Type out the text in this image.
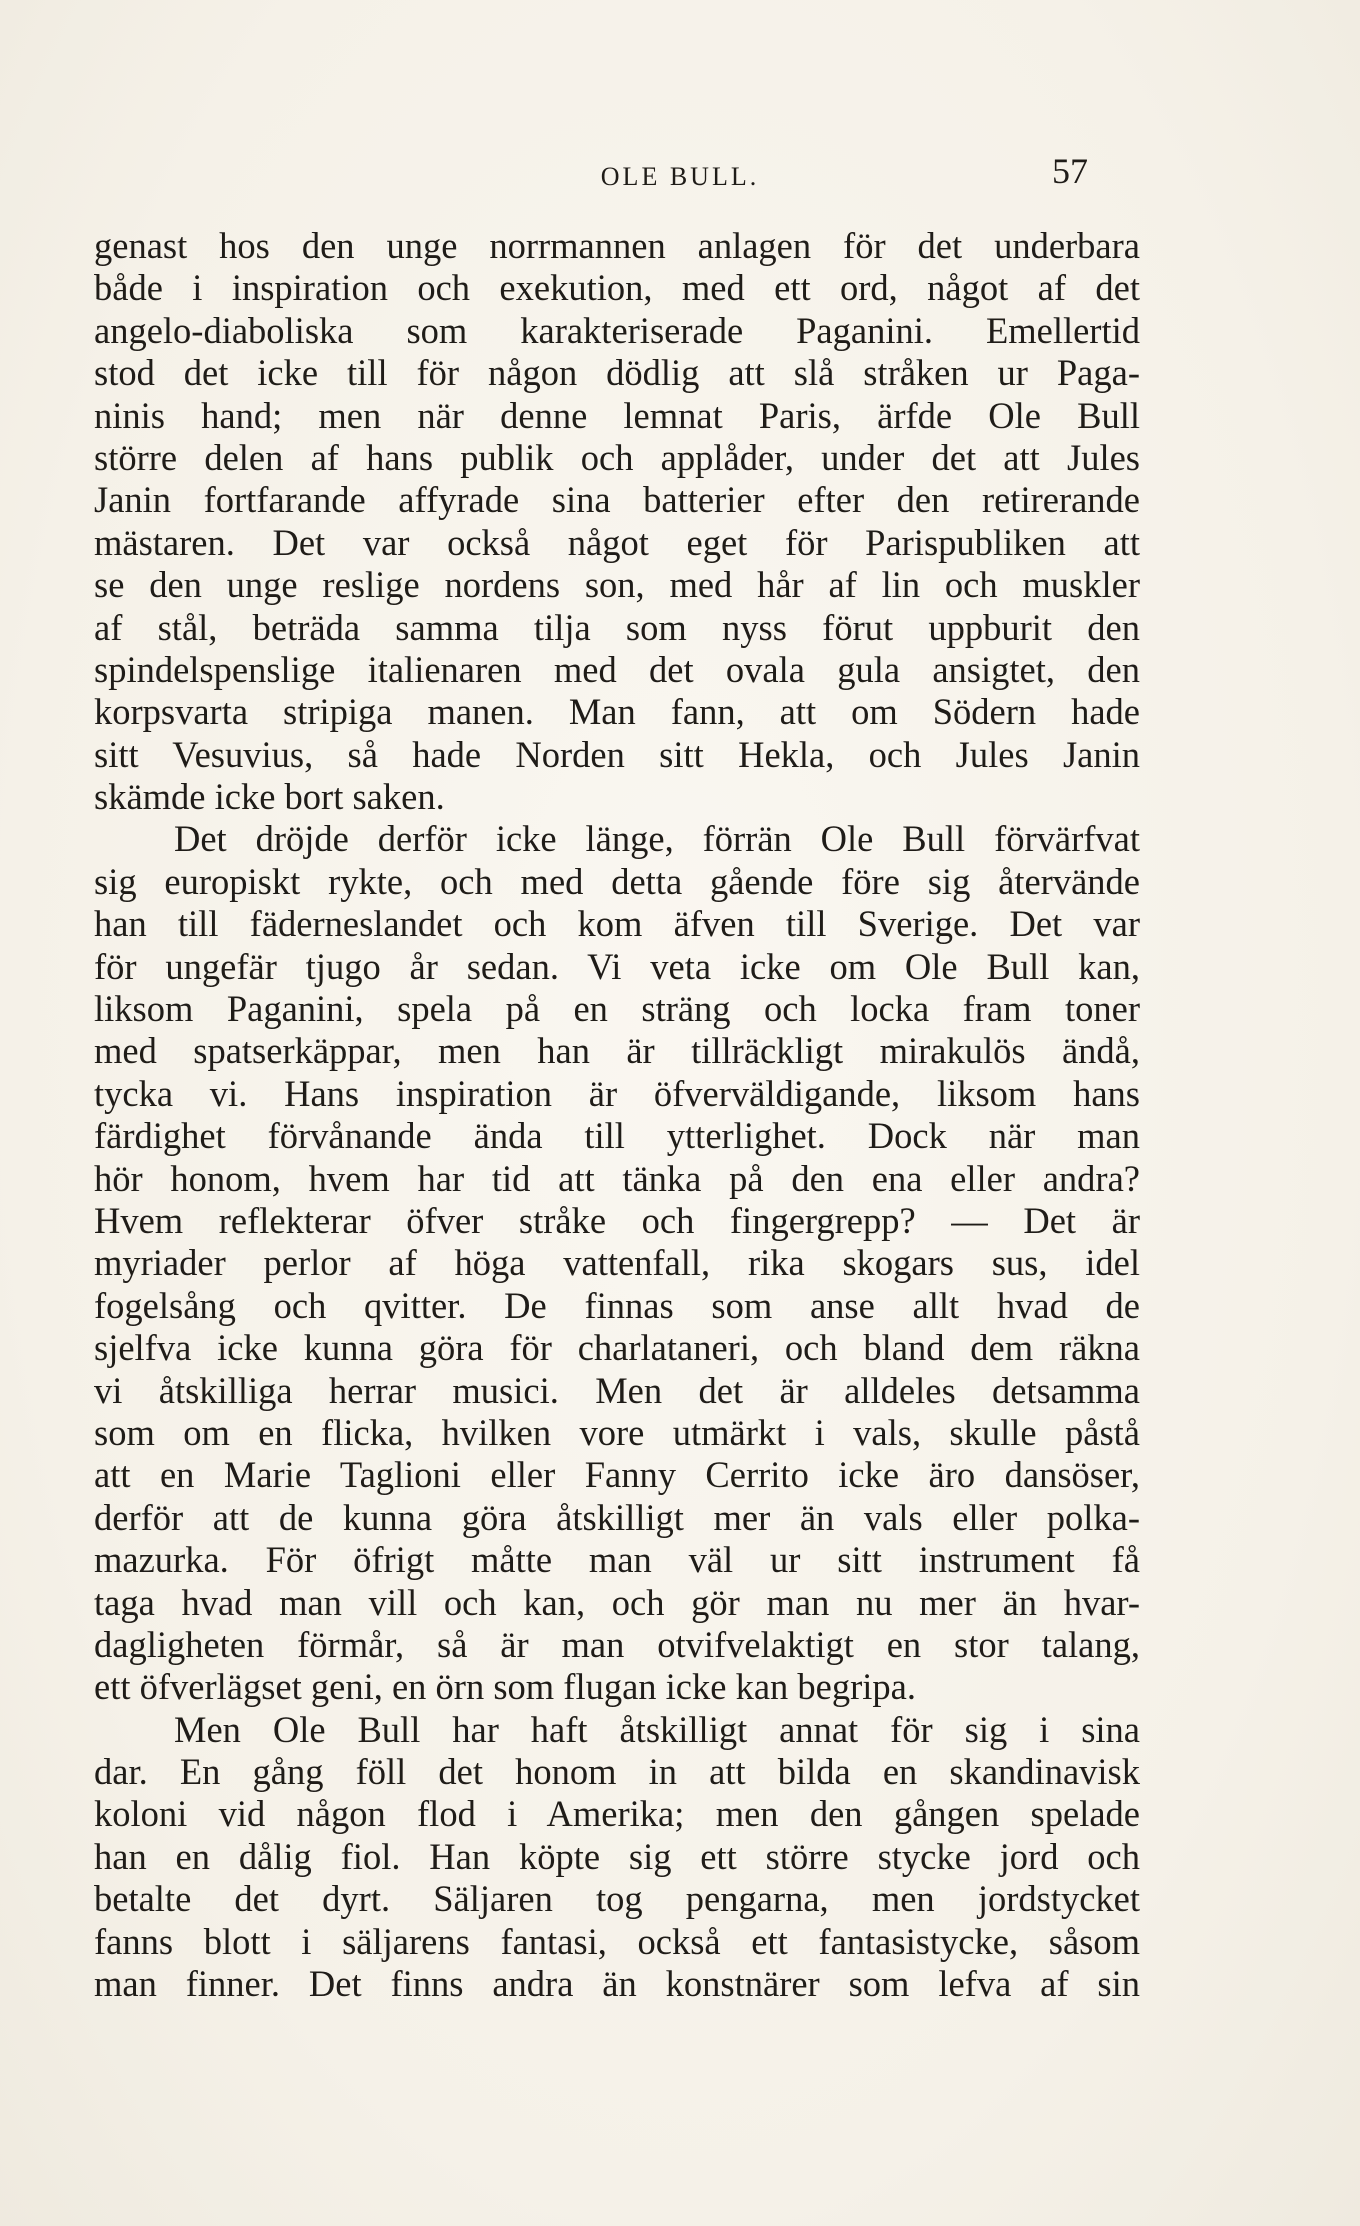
OLE BULL.	57
genast hos den unge norrmannen anlagen för det underbara
både i inspiration och exekution, med ett ord, något af det
angelo-diaboliska som karakteriserade Paganini. Emellertid
stod det icke till för någon dödlig att slå stråken ur Paga-
ninis hand; men när denne lemnat Paris, ärfde Ole Bull
större delen af hans publik och applåder, under det att Jules
Janin fortfarande affyrade sina batterier efter den retirerande
mästaren. Det var också något eget för Parispubliken att
se den unge reslige nordens son, med hår af lin och muskler
af stål, beträda samma tilja som nyss förut uppburit den
spindelspenslige italienaren med det ovala gula ansigtet, den
korpsvarta stripiga manen. Man fann, att om Södern hade
sitt Vesuvius, så hade Norden sitt Hekla, och Jules Janin
skämde icke bort saken.
Det dröjde derför icke länge, förrän Ole Bull förvärfvat
sig europiskt rykte, och med detta gående före sig återvände
han till fäderneslandet och kom äfven till Sverige. Det var
för ungefär tjugo år sedan. Vi veta icke om Ole Bull kan,
liksom Paganini, spela på en sträng och locka fram toner
med spatserkäppar, men han är tillräckligt mirakulös ändå,
tycka vi. Hans inspiration är öfverväldigande, liksom hans
färdighet förvånande ända till ytterlighet. Dock när man
hör honom, hvem har tid att tänka på den ena eller andra?
Hvem reflekterar öfver stråke och fingergrepp? — Det är
myriader perlor af höga vattenfall, rika skogars sus, idel
fogelsång och qvitter. De finnas som anse allt hvad de
sjelfva icke kunna göra för charlataneri, och bland dem räkna
vi åtskilliga herrar musici. Men det är alldeles detsamma
som om en flicka, hvilken vore utmärkt i vals, skulle påstå
att en Marie Taglioni eller Fanny Cerrito icke äro dansöser,
derför att de kunna göra åtskilligt mer än vals eller polka-
mazurka. För öfrigt måtte man väl ur sitt instrument få
taga hvad man vill och kan, och gör man nu mer än hvar-
dagligheten förmår, så är man otvifvelaktigt en stor talang,
ett öfverlägset geni, en örn som flugan icke kan begripa.
Men Ole Bull har haft åtskilligt annat för sig i sina
dar. En gång föll det honom in att bilda en skandinavisk
koloni vid någon flod i Amerika; men den gången spelade
han en dålig fiol. Han köpte sig ett större stycke jord och
betalte det dyrt. Säljaren tog pengarna, men jordstycket
fanns blott i säljarens fantasi, också ett fantasistycke, såsom
man finner. Det finns andra än konstnärer som lefva af sin
